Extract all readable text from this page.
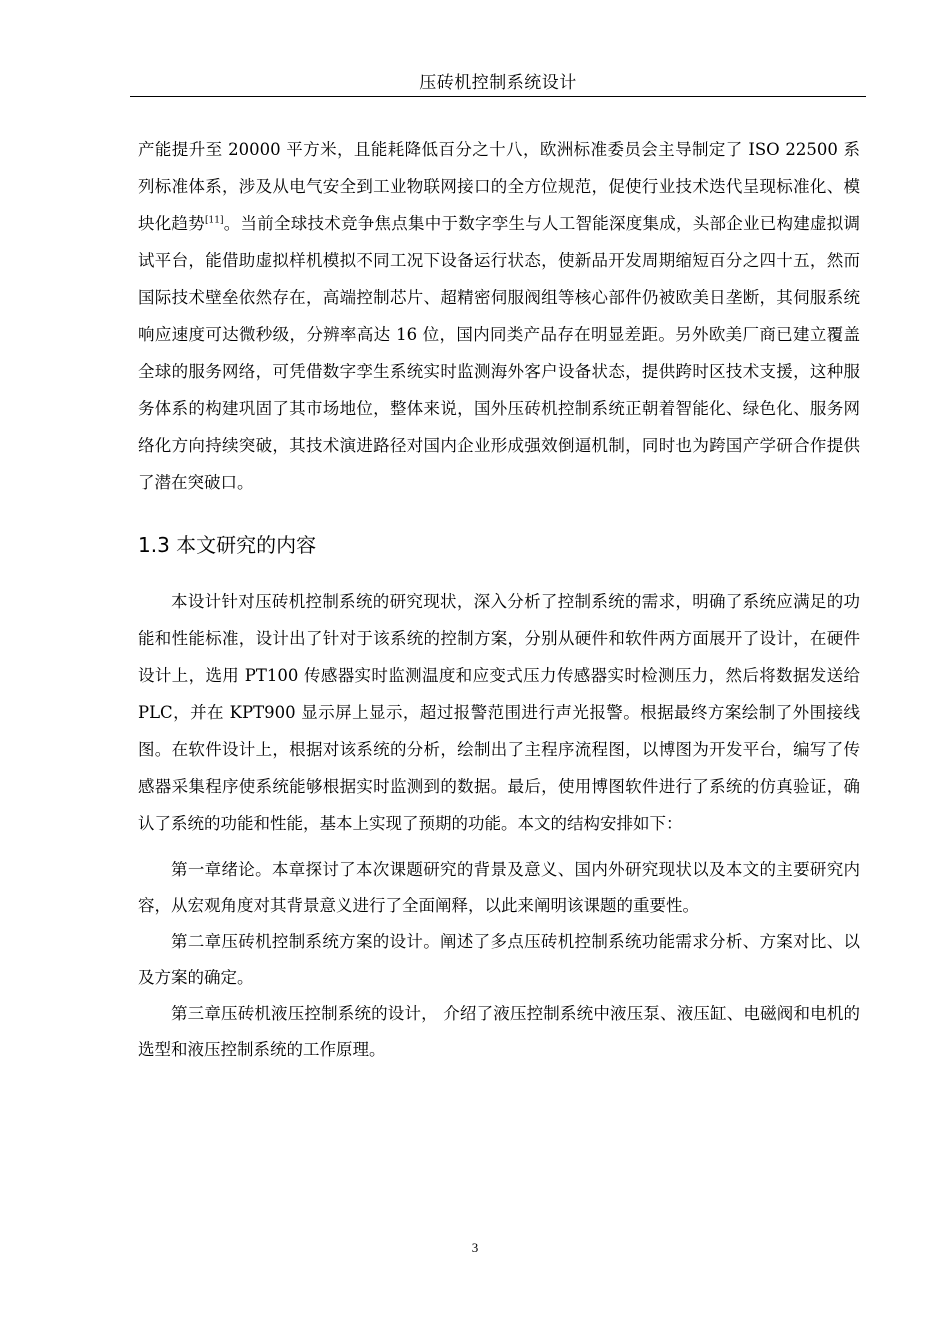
压砖机控制系统设计

产能提升至 20000 平方米，且能耗降低百分之十八，欧洲标准委员会主导制定了 ISO 22500 系列标准体系，涉及从电气安全到工业物联网接口的全方位规范，促使行业技术迭代呈现标准化、模块化趋势[11]。当前全球技术竞争焦点集中于数字孪生与人工智能深度集成，头部企业已构建虚拟调试平台，能借助虚拟样机模拟不同工况下设备运行状态，使新品开发周期缩短百分之四十五，然而国际技术壁垒依然存在，高端控制芯片、超精密伺服阀组等核心部件仍被欧美日垄断，其伺服系统响应速度可达微秒级，分辨率高达 16 位，国内同类产品存在明显差距。另外欧美厂商已建立覆盖全球的服务网络，可凭借数字孪生系统实时监测海外客户设备状态，提供跨时区技术支援，这种服务体系的构建巩固了其市场地位，整体来说，国外压砖机控制系统正朝着智能化、绿色化、服务网络化方向持续突破，其技术演进路径对国内企业形成强效倒逼机制，同时也为跨国产学研合作提供了潜在突破口。

1.3 本文研究的内容

本设计针对压砖机控制系统的研究现状，深入分析了控制系统的需求，明确了系统应满足的功能和性能标准，设计出了针对于该系统的控制方案，分别从硬件和软件两方面展开了设计，在硬件设计上，选用 PT100 传感器实时监测温度和应变式压力传感器实时检测压力，然后将数据发送给 PLC，并在 KPT900 显示屏上显示，超过报警范围进行声光报警。根据最终方案绘制了外围接线图。在软件设计上，根据对该系统的分析，绘制出了主程序流程图，以博图为开发平台，编写了传感器采集程序使系统能够根据实时监测到的数据。最后，使用博图软件进行了系统的仿真验证，确认了系统的功能和性能，基本上实现了预期的功能。本文的结构安排如下：

第一章绪论。本章探讨了本次课题研究的背景及意义、国内外研究现状以及本文的主要研究内容，从宏观角度对其背景意义进行了全面阐释，以此来阐明该课题的重要性。

第二章压砖机控制系统方案的设计。阐述了多点压砖机控制系统功能需求分析、方案对比、以及方案的确定。

第三章压砖机液压控制系统的设计， 介绍了液压控制系统中液压泵、液压缸、电磁阀和电机的选型和液压控制系统的工作原理。

3
